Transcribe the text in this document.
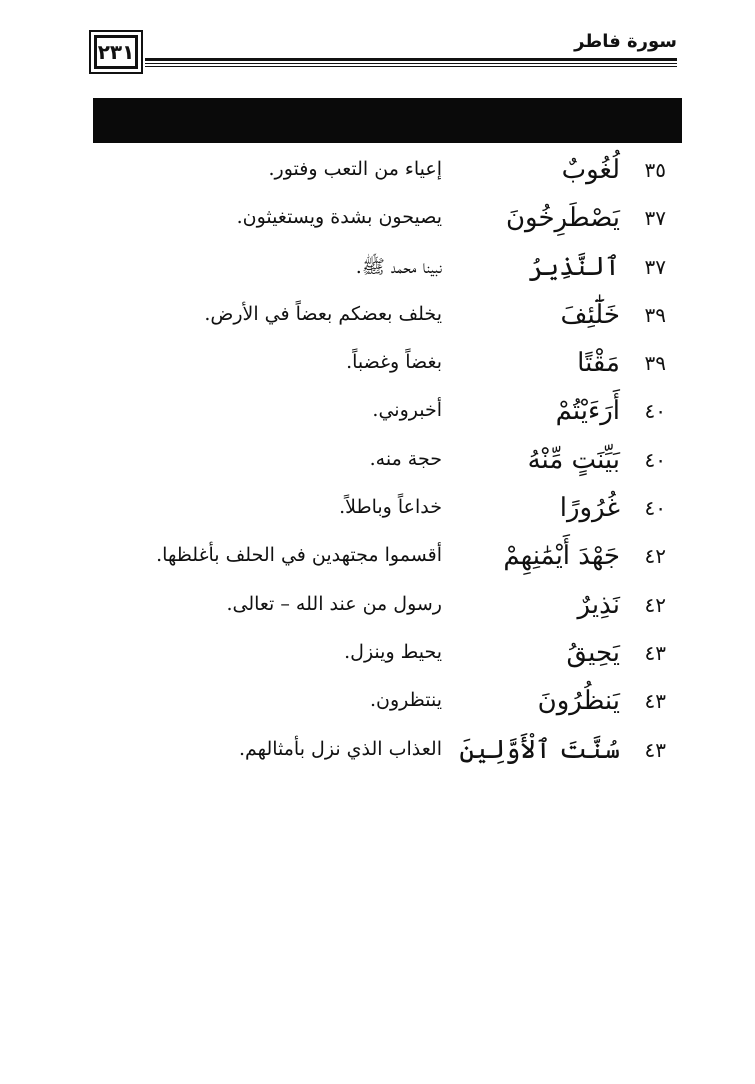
٢٣١	سورة فاطر
٣٥
لُغُوبٌ
إعياء من التعب وفتور.
٣٧
يَصْطَرِخُونَ
يصيحون بشدة ويستغيثون.
٣٧
ٱلنَّذِيرُ
نبينا محمد ﷺ.
٣٩
خَلَٰٓئِفَ
يخلف بعضكم بعضاً في الأرض.
٣٩
مَقْتًا
بغضاً وغضباً.
٤٠
أَرَءَيْتُمْ
أخبروني.
٤٠
بَيِّنَتٍ مِّنْهُ
حجة منه.
٤٠
غُرُورًا
خداعاً وباطلاً.
٤٢
جَهْدَ أَيْمَٰنِهِمْ
أقسموا مجتهدين في الحلف بأغلظها.
٤٢
نَذِيرٌ
رسول من عند الله – تعالى.
٤٣
يَحِيقُ
يحيط وينزل.
٤٣
يَنظُرُونَ
ينتظرون.
٤٣
سُنَّتَ ٱلْأَوَّلِينَ
العذاب الذي نزل بأمثالهم.
